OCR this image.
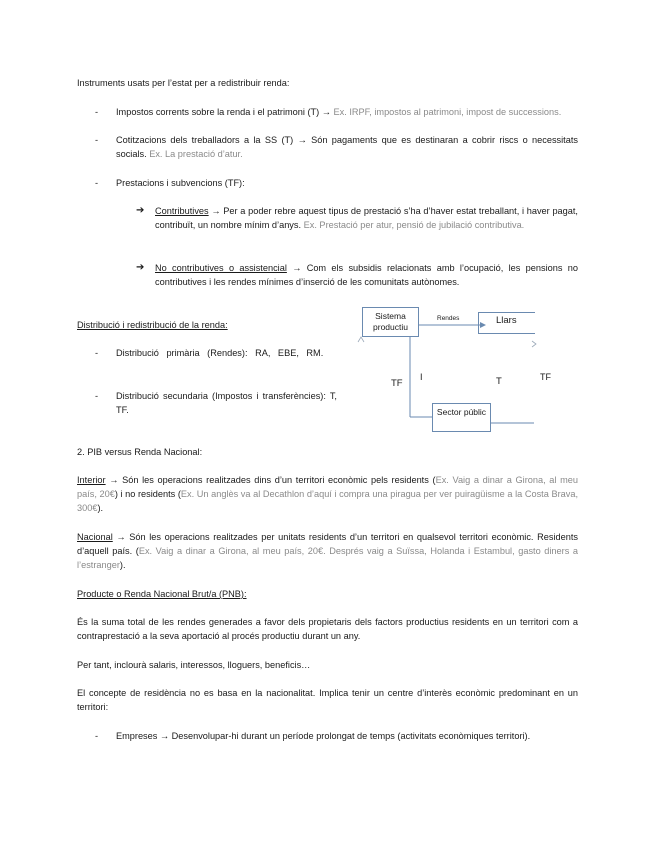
Instruments usats per l’estat per a redistribuir renda:

- Impostos corrents sobre la renda i el patrimoni (T) → Ex. IRPF, impostos al patrimoni, impost de successions.

- Cotitzacions dels treballadors a la SS (T) → Són pagaments que es destinaran a cobrir riscs o necessitats socials. Ex. La prestació d’atur.

- Prestacions i subvencions (TF):

➔ Contributives → Per a poder rebre aquest tipus de prestació s’ha d’haver estat treballant, i haver pagat, contribuït, un nombre mínim d’anys. Ex. Prestació per atur, pensió de jubilació contributiva.

➔ No contributives o assistencial → Com els subsidis relacionats amb l’ocupació, les pensions no contributives i les rendes mínimes d’inserció de les comunitats autònomes.

Distribució i redistribució de la renda:

- Distribució primària (Rendes): RA, EBE, RM.

- Distribució secundaria (Impostos i transferències): T, TF.

Sistema productiu
Llars
Rendes
Sector públic
TF
I	T	TF

2. PIB versus Renda Nacional:

Interior → Són les operacions realitzades dins d’un territori econòmic pels residents (Ex. Vaig a dinar a Girona, al meu país, 20€) i no residents (Ex. Un anglès va al Decathlon d’aquí i compra una piragua per ver puiragüisme a la Costa Brava, 300€).

Nacional → Són les operacions realitzades per unitats residents d’un territori en qualsevol territori econòmic. Residents d’aquell país. (Ex. Vaig a dinar a Girona, al meu país, 20€. Després vaig a Suïssa, Holanda i Estambul, gasto diners a l’estranger).

Producte o Renda Nacional Brut/a (PNB):

És la suma total de les rendes generades a favor dels propietaris dels factors productius residents en un territori com a contraprestació a la seva aportació al procés productiu durant un any.

Per tant, inclourà salaris, interessos, lloguers, beneficis…

El concepte de residència no es basa en la nacionalitat. Implica tenir un centre d’interès econòmic predominant en un territori:

- Empreses → Desenvolupar-hi durant un període prolongat de temps (activitats econòmiques territori).
